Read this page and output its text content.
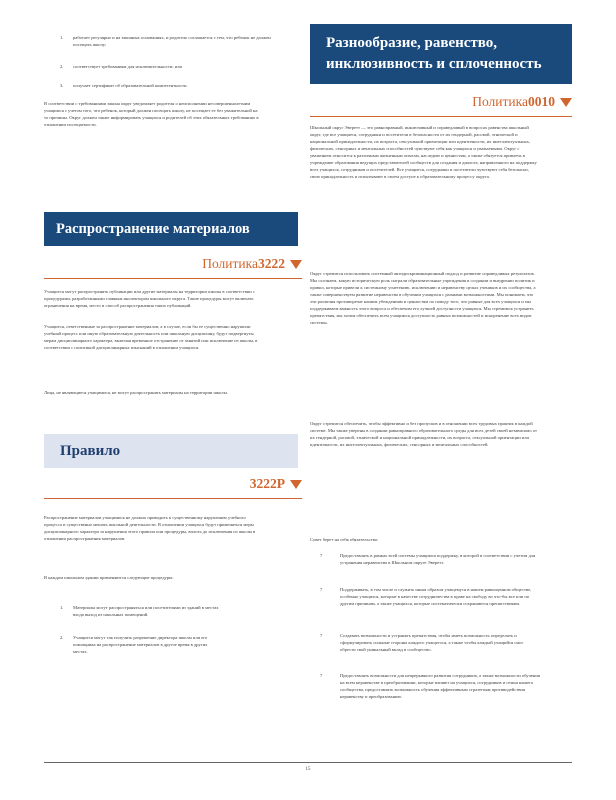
1. работает регулярно и на законных основаниях, и родитель соглашается с тем, что ребенок не должен посещать школу;
2. соответствует требованиям для исключительности; или
3. получает сертификат об образовательной компетентности.
В соответствии с требованиями закона округ уведомляет родителя о неисполнении несовершеннолетним учащимся с учетом того, что ребенок, который должен посещать школу, не посещает ее без уважительной на то причины. Округ должен также информировать учащихся и родителей об этих обязательных требованиях в отношении посещаемости.
Распространение материалов
Политика 3222
Учащиеся могут распространять публикации или другие материалы на территории школы в соответствии с процедурами, разработанными главным инспектором школьного округа. Такие процедуры могут включать ограничения на время, место и способ распространения таких публикаций.
Учащиеся, ответственные за распространение материалов, а в случае, если бы ее существенно нарушили учебный процесс или иную образовательную деятельность или школьную дисциплину, будут подвергнуты мерам дисциплинарного характера, включая временное отстранение от занятий или исключение из школы, в соответствии с политикой дисциплинарных взысканий в отношении учащихся.
Лица, не являющиеся учащимися, не могут распространять материалы на территории школы.
Правило
3222Р
Распространение материалов учащимися не должно приводить к существенному нарушению учебного процесса и существенно мешать школьной деятельности. В отношении учащихся будут применяться меры дисциплинарного характера за нарушения этого правила или процедуры, вплоть до исключения из школы в отношении распространения материалов.
В каждом школьном здании применяются следующие процедуры:
1. Материалы могут распространяться или посетителями из зданий в местах входа выход из школьных помещений.
2. Учащиеся могут так получить разрешение директора школы или его помощника на распространение материалов в другое время в других местах.
Разнообразие, равенство,
инклюзивность и сплоченность
Политика 0010
Школьный округ Эверетт — это равноправный, инклюзивный и справедливый в вопросах равенства школьный округ, где все учащиеся, сотрудники и посетители в безопасности от их гендерной, расовой, этнической и национальной принадлежности, их возраста, сексуальной ориентации или идентичности, их интеллектуальных, физических, сенсорных и ментальных способностей чувствуют себя как учащихся и уважаемыми. Округ с уважением относится к различным жизненным опытам, наследию и ценностям, а также обязуется привлечь в учреждение образования ведущих представителей сообществ для создания и диалога, направленного на поддержку всех учащихся, сотрудников и посетителей. Все учащиеся, сотрудники и посетители чувствуют себя безопасно, свою принадлежность и испытывают в своем доступе к образовательному процессу округа.
Округ стремится использовать системный антидискриминационный подход и развитие справедливых результатов. Мы осознаем, какую историческую роль сыграли образовательные учреждения в создании и внедрении политик и правил, которые привели к системному угнетению, исключению и неравенству целых учеников и их сообщества, а также совершенствуем развитие неравенства в обучении учащихся с разными возможностями. Мы понимаем, что эти различия противоречат нашим убеждениям и ценностям по поводу того, что равные для всех учащихся и мы поддерживаем важность этого вопроса и обеспечим его лучшей доступности учащихся. Мы стремимся устранить препятствия, мы хотим обеспечить всем учащимся доступность равных возможностей и искоренение всех видов системы.
Округ стремится обеспечить, чтобы эффективно и без пропусков и в отношении всех трудовых практик в каждой системе. Мы также уверены в создании равноправного образовательного среды для всех детей своей независимо от их гендерной, расовой, этнической и национальной принадлежности, их возраста, сексуальной ориентации или идентичности, их интеллектуальных, физических, сенсорных и ментальных способностей.
Совет берет на себя обязательство:
7	Предоставлять в рамках всей системы учащимся поддержку, в которой в соответствии с учетом для устранения неравенства в Школьном округе Эверетт.
7	Поддерживать, в том числе и служить иным образом учащемуся в нашем равноценном обществе, особенно учащихся, которые в качестве сотрудничества в праве на свободу во что-бы все или по другим причинам, а также учащихся, которые систематически сохраняются препятствиями.
7	Создавать возможности и устранять препятствия, чтобы иметь возможность определить и сформулировать сильные стороны каждого учащегося, а также чтобы каждый учащийся смог обрести свой уникальный вклад в сообщество.
7	Предоставлять возможности для непрерывного развития сотрудников, а также возможности обучения на всем неравенстве в преобразовании, которые влияют на учащихся, сотрудников и семьи нашего сообщества, предоставлять возможность обучения эффективным стратегиям противодействия неравенству и преобразованию.
15
